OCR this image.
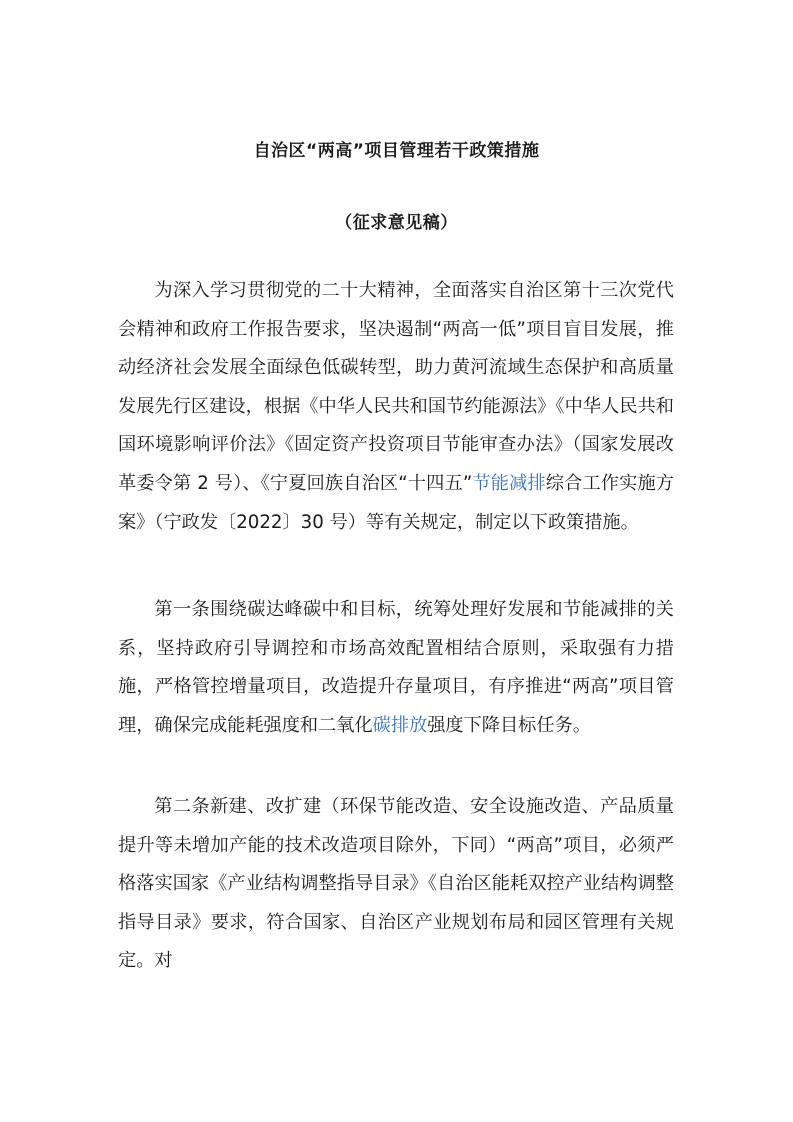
自治区“两高”项目管理若干政策措施
（征求意见稿）

为深入学习贯彻党的二十大精神，全面落实自治区第十三次党代会精神和政府工作报告要求，坚决遏制“两高一低”项目盲目发展，推动经济社会发展全面绿色低碳转型，助力黄河流域生态保护和高质量发展先行区建设，根据《中华人民共和国节约能源法》《中华人民共和国环境影响评价法》《固定资产投资项目节能审查办法》（国家发展改革委令第 2 号）、《宁夏回族自治区“十四五”节能减排综合工作实施方案》（宁政发〔2022〕30 号）等有关规定，制定以下政策措施。

第一条围绕碳达峰碳中和目标，统筹处理好发展和节能减排的关系，坚持政府引导调控和市场高效配置相结合原则，采取强有力措施，严格管控增量项目，改造提升存量项目，有序推进“两高”项目管理，确保完成能耗强度和二氧化碳排放强度下降目标任务。

第二条新建、改扩建（环保节能改造、安全设施改造、产品质量提升等未增加产能的技术改造项目除外，下同）“两高”项目，必须严格落实国家《产业结构调整指导目录》《自治区能耗双控产业结构调整指导目录》要求，符合国家、自治区产业规划布局和园区管理有关规定。对
